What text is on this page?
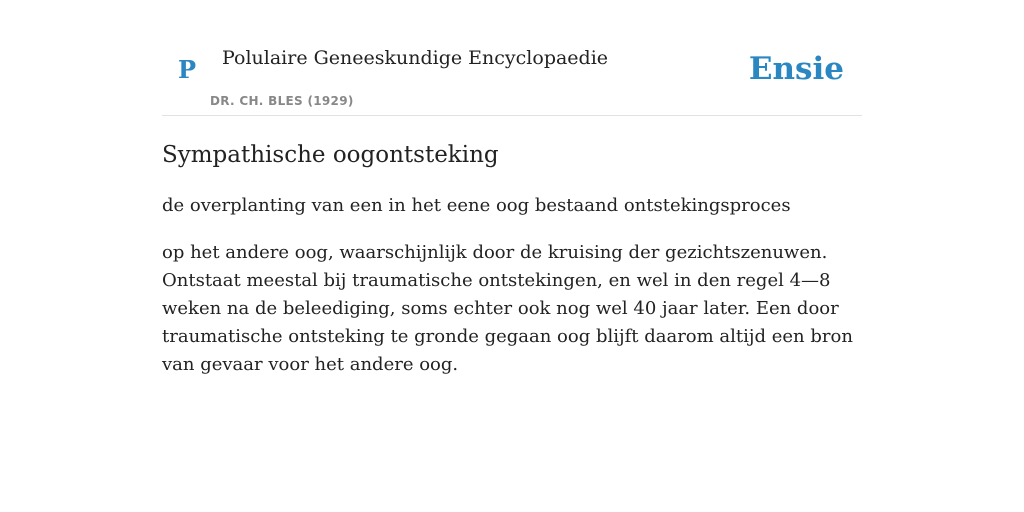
P Polulaire Geneeskundige Encyclopaedie
DR. CH. BLES (1929)
Ensie
Sympathische oogontsteking

de overplanting van een in het eene oog bestaand ontstekingsproces

op het andere oog, waarschijnlijk door de kruising der gezichtszenuwen. Ontstaat meestal bij traumatische ontstekingen, en wel in den regel 4—8 weken na de beleediging, soms echter ook nog wel 40 jaar later. Een door traumatische ontsteking te gronde gegaan oog blijft daarom altijd een bron van gevaar voor het andere oog.
